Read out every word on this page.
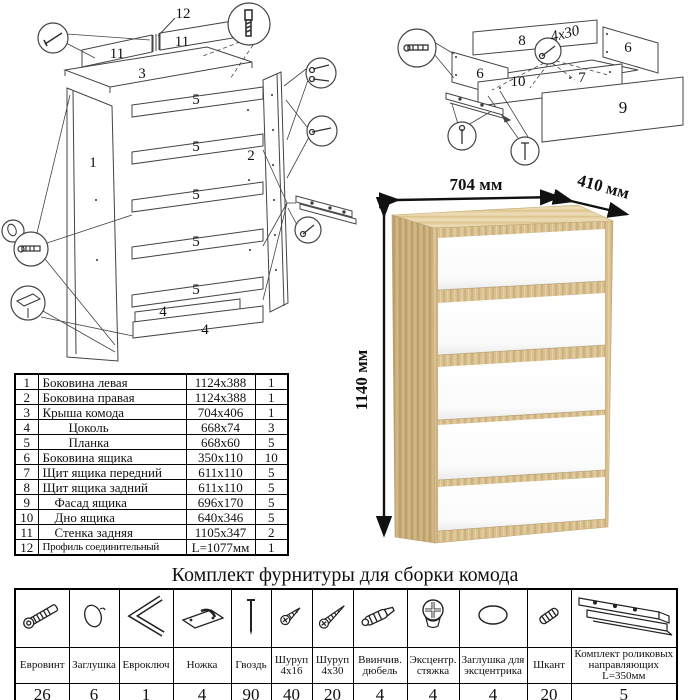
12
11
11
3
1	2
5
5
5
5
5
4
4
8 4х30
6
6 10	7
9
704 мм	410 мм
1140 мм
1	Боковина левая	1124х388	1
2	Боковина правая	1124х388	1
3	Крыша комода	704х406	1
4	Цоколь	668х74	3
5	Планка	668х60	5
6	Боковина ящика	350х110	10
7	Щит ящика передний	611х110	5
8	Щит ящика задний	611х110	5
9	Фасад ящика	696х170	5
10	Дно ящика	640х346	5
11	Стенка задняя	1105х347	2
12	Профиль соединительный	L=1077мм	1
Комплект фурнитуры для сборки комода

Евровинт	Заглушка	Евроключ	Ножка	Гвоздь	Шуруп 4х16	Шуруп 4х30	Ввинчив. дюбель	Эксцентр. стяжка	Заглушка для эксцентрика	Шкант	Комплект роликовых направляющих L=350мм
26	6	1	4	90	40	20	4	4	4	20	5
